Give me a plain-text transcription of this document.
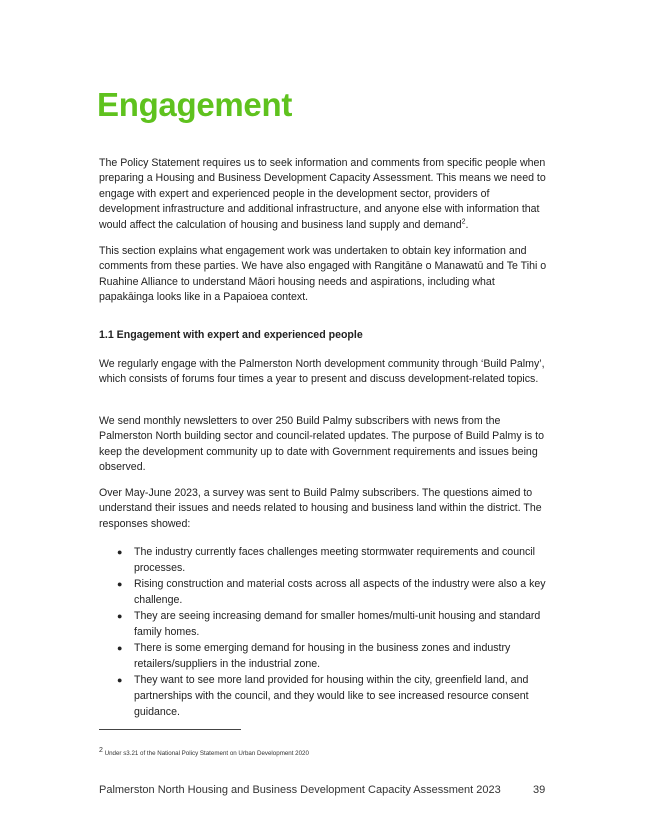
Engagement

The Policy Statement requires us to seek information and comments from specific people when preparing a Housing and Business Development Capacity Assessment. This means we need to engage with expert and experienced people in the development sector, providers of development infrastructure and additional infrastructure, and anyone else with information that would affect the calculation of housing and business land supply and demand$^2$.

This section explains what engagement work was undertaken to obtain key information and comments from these parties. We have also engaged with Rangitāne o Manawatū and Te Tihi o Ruahine Alliance to understand Māori housing needs and aspirations, including what papakāinga looks like in a Papaioea context.

1.1 Engagement with expert and experienced people

We regularly engage with the Palmerston North development community through ‘Build Palmy’, which consists of forums four times a year to present and discuss development-related topics.

We send monthly newsletters to over 250 Build Palmy subscribers with news from the Palmerston North building sector and council-related updates. The purpose of Build Palmy is to keep the development community up to date with Government requirements and issues being observed.

Over May-June 2023, a survey was sent to Build Palmy subscribers. The questions aimed to understand their issues and needs related to housing and business land within the district. The responses showed:

● The industry currently faces challenges meeting stormwater requirements and council processes.
● Rising construction and material costs across all aspects of the industry were also a key challenge.
● They are seeing increasing demand for smaller homes/multi-unit housing and standard family homes.
● There is some emerging demand for housing in the business zones and industry retailers/suppliers in the industrial zone.
● They want to see more land provided for housing within the city, greenfield land, and partnerships with the council, and they would like to see increased resource consent guidance.
$^2$ Under s3.21 of the National Policy Statement on Urban Development 2020
Palmerston North Housing and Business Development Capacity Assessment 2023	39
